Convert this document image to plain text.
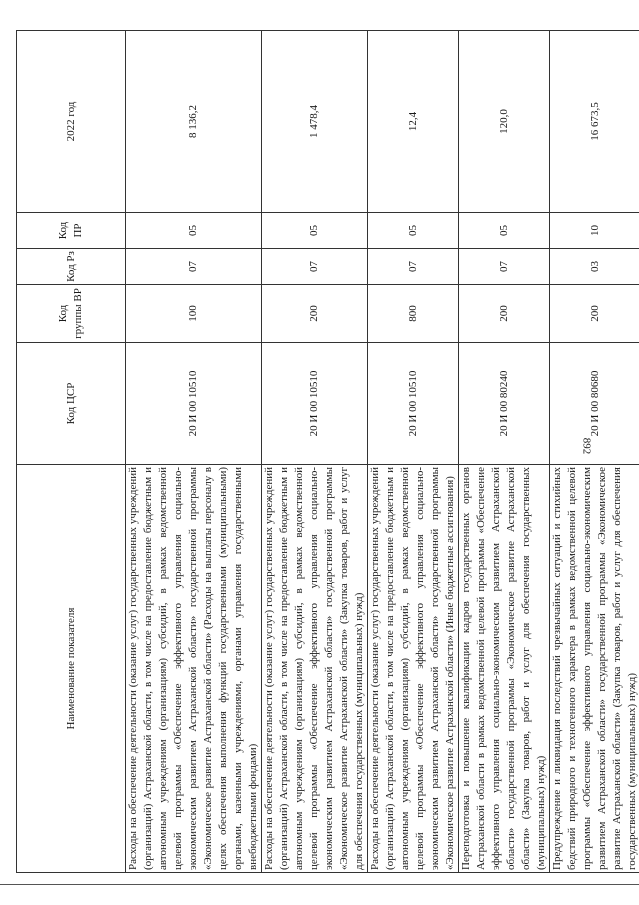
892
Наименование показателя	Код ЦСР	Код группы ВР	Код Рз	Код ПР	2022 год
Расходы на обеспечение деятельности (оказание услуг) государственных учреждений (организаций) Астраханской области, в том числе на предоставление бюджетным и автономным учреждениям (организациям) субсидий, в рамках ведомственной целевой программы «Обеспечение эффективного управления социально-экономическим развитием Астраханской области» государственной программы «Экономическое развитие Астраханской области» (Расходы на выплаты персоналу в целях обеспечения выполнения функций государственными (муниципальными) органами, казенными учреждениями, органами управления государственными внебюджетными фондами)	20 И 00 10510	100	07	05	8 136,2
Расходы на обеспечение деятельности (оказание услуг) государственных учреждений (организаций) Астраханской области, в том числе на предоставление бюджетным и автономным учреждениям (организациям) субсидий, в рамках ведомственной целевой программы «Обеспечение эффективного управления социально-экономическим развитием Астраханской области» государственной программы «Экономическое развитие Астраханской области» (Закупка товаров, работ и услуг для обеспечения государственных (муниципальных) нужд)	20 И 00 10510	200	07	05	1 478,4
Расходы на обеспечение деятельности (оказание услуг) государственных учреждений (организаций) Астраханской области, в том числе на предоставление бюджетным и автономным учреждениям (организациям) субсидий, в рамках ведомственной целевой программы «Обеспечение эффективного управления социально-экономическим развитием Астраханской области» государственной программы «Экономическое развитие Астраханской области» (Иные бюджетные ассигнования)	20 И 00 10510	800	07	05	12,4
Переподготовка и повышение квалификации кадров государственных органов Астраханской области в рамках ведомственной целевой программы «Обеспечение эффективного управления социально-экономическим развитием Астраханской области» государственной программы «Экономическое развитие Астраханской области» (Закупка товаров, работ и услуг для обеспечения государственных (муниципальных) нужд)	20 И 00 80240	200	07	05	120,0
Предупреждение и ликвидация последствий чрезвычайных ситуаций и стихийных бедствий природного и техногенного характера в рамках ведомственной целевой программы «Обеспечение эффективного управления социально-экономическим развитием Астраханской области» государственной программы «Экономическое развитие Астраханской области» (Закупка товаров, работ и услуг для обеспечения государственных (муниципальных) нужд)	20 И 00 80680	200	03	10	16 673,5
